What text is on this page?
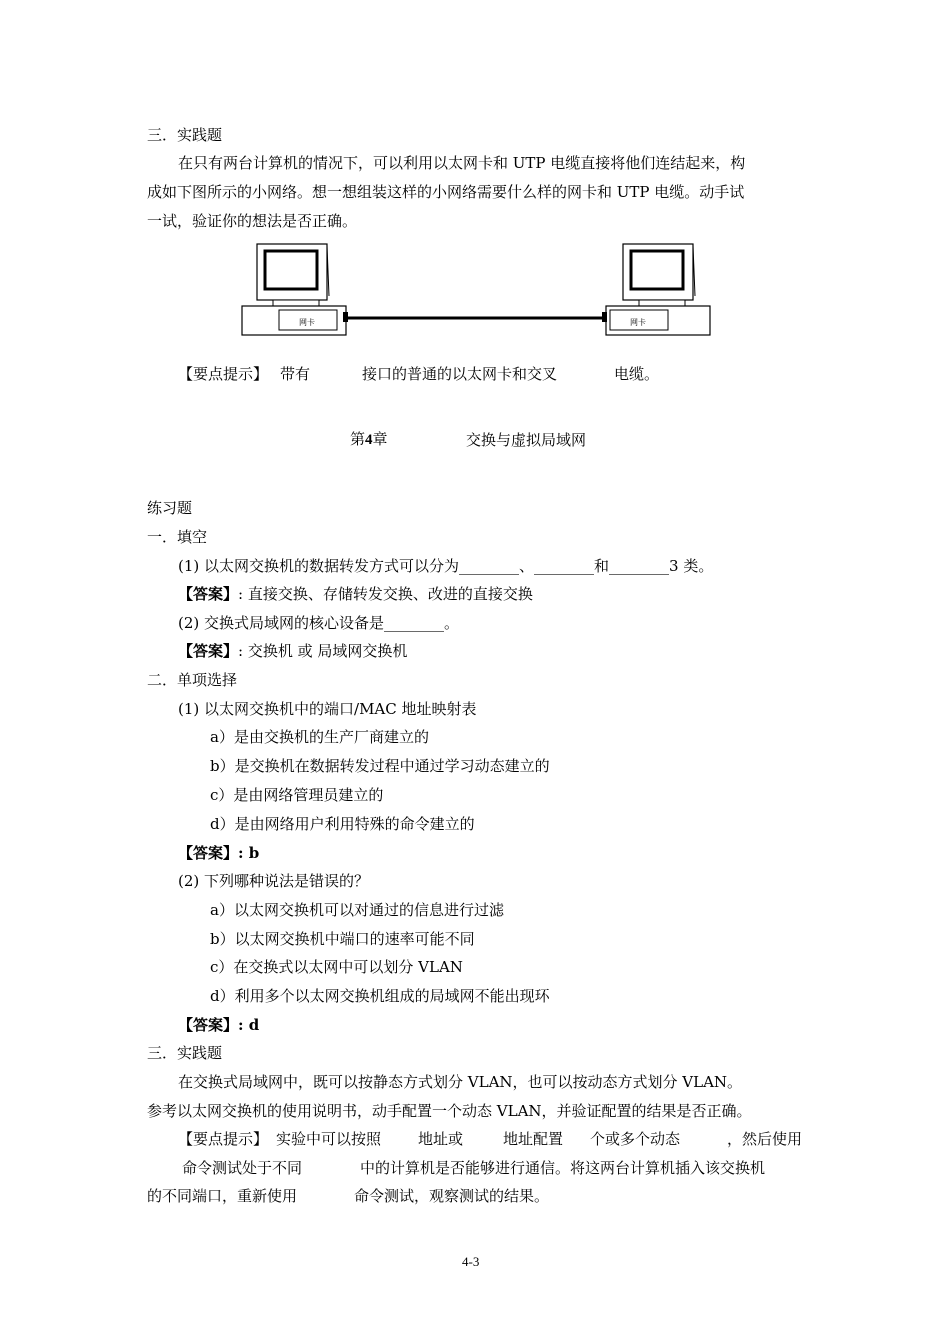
三．实践题
在只有两台计算机的情况下，可以利用以太网卡和 UTP 电缆直接将他们连结起来，构
成如下图所示的小网络。想一想组装这样的小网络需要什么样的网卡和 UTP 电缆。动手试
一试，验证你的想法是否正确。
网卡	网卡
【要点提示】 带有	接口的普通的以太网卡和交叉	电缆。
第4章	交换与虚拟局域网
练习题
一．填空
(1) 以太网交换机的数据转发方式可以分为________、________和________3 类。
【答案】: 直接交换、存储转发交换、改进的直接交换
(2) 交换式局域网的核心设备是________。
【答案】: 交换机 或 局域网交换机
二．单项选择
(1) 以太网交换机中的端口/MAC 地址映射表
a）是由交换机的生产厂商建立的
b）是交换机在数据转发过程中通过学习动态建立的
c）是由网络管理员建立的
d）是由网络用户利用特殊的命令建立的
【答案】: b
(2) 下列哪种说法是错误的？
a）以太网交换机可以对通过的信息进行过滤
b）以太网交换机中端口的速率可能不同
c）在交换式以太网中可以划分 VLAN
d）利用多个以太网交换机组成的局域网不能出现环
【答案】: d
三．实践题
在交换式局域网中，既可以按静态方式划分 VLAN，也可以按动态方式划分 VLAN。
参考以太网交换机的使用说明书，动手配置一个动态 VLAN，并验证配置的结果是否正确。
【要点提示】 实验中可以按照 地址或	地址配置 个或多个动态	，然后使用
命令测试处于不同	中的计算机是否能够进行通信。将这两台计算机插入该交换机
的不同端口，重新使用	命令测试，观察测试的结果。
4-3
